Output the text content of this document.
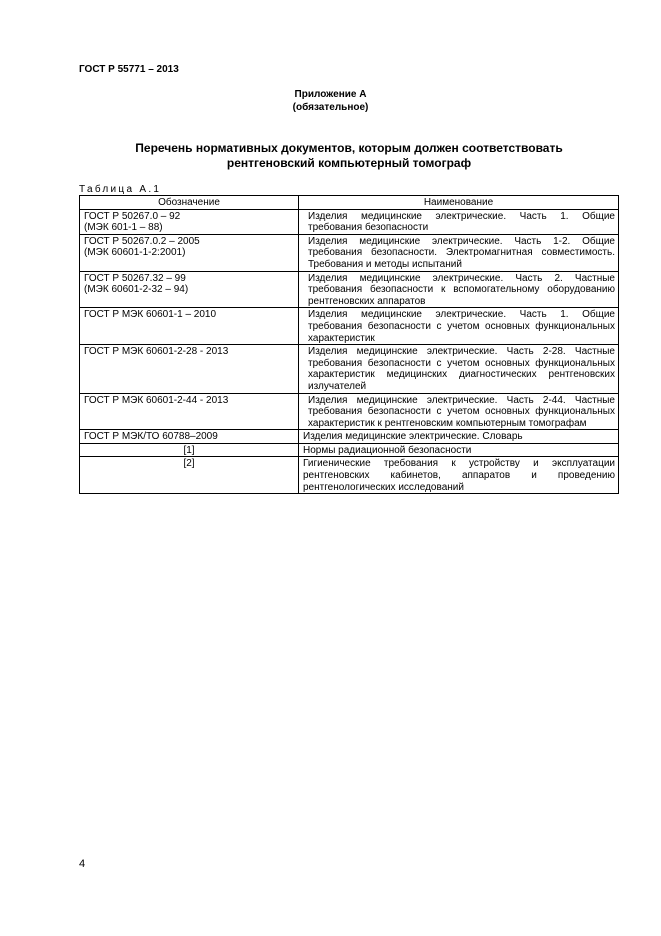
ГОСТ Р 55771 – 2013
Приложение А
(обязательное)
Перечень нормативных документов, которым должен соответствовать
рентгеновский компьютерный томограф
Таблица А.1
Обозначение	Наименование

ГОСТ Р 50267.0 – 92
(МЭК 601-1 – 88)	Изделия медицинские электрические. Часть 1. Общие требования безопасности

ГОСТ Р 50267.0.2 – 2005
(МЭК 60601-1-2:2001)	Изделия медицинские электрические. Часть 1-2. Общие требования безопасности. Электромагнитная совместимость. Требования и методы испытаний

ГОСТ Р 50267.32 – 99
(МЭК 60601-2-32 – 94)	Изделия медицинские электрические. Часть 2. Частные требования безопасности к вспомогательному оборудованию рентгеновских аппаратов

ГОСТ Р МЭК 60601-1 – 2010	Изделия медицинские электрические. Часть 1. Общие требования безопасности с учетом основных функциональных характеристик

ГОСТ Р МЭК 60601-2-28 - 2013	Изделия медицинские электрические. Часть 2-28. Частные требования безопасности с учетом основных функциональных характеристик медицинских диагностических рентгеновских излучателей

ГОСТ Р МЭК 60601-2-44 - 2013	Изделия медицинские электрические. Часть 2-44. Частные требования безопасности с учетом основных функциональных характеристик к рентгеновским компьютерным томографам

ГОСТ Р МЭК/ТО 60788–2009	Изделия медицинские электрические. Словарь

[1]	Нормы радиационной безопасности

[2]	Гигиенические требования к устройству и эксплуатации рентгеновских кабинетов, аппаратов и проведению рентгенологических исследований
4
